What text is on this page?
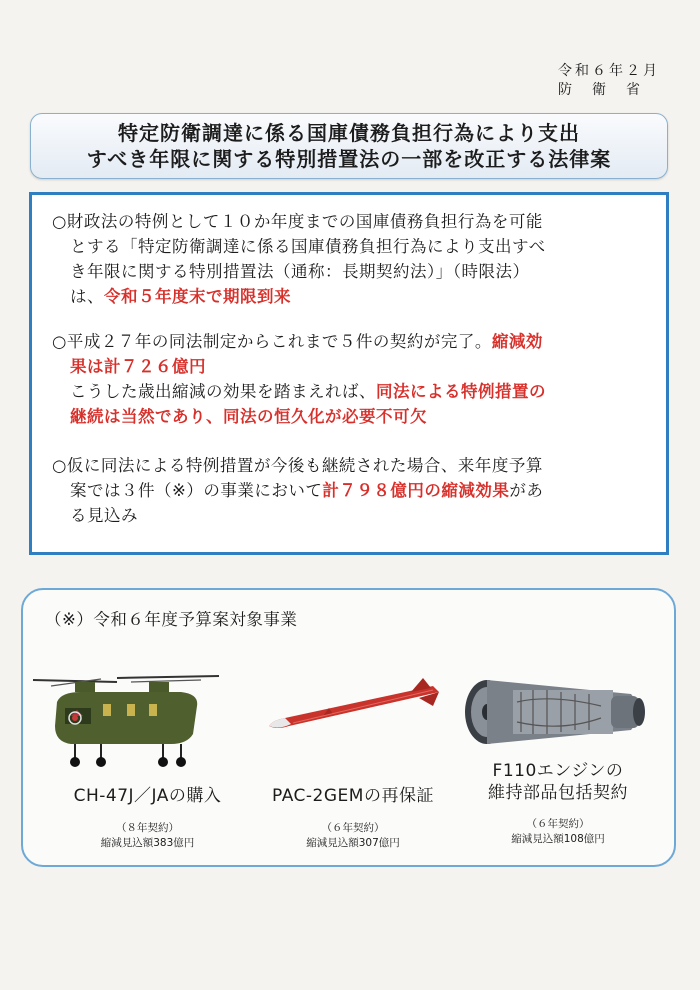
令和６年２月
防　衛　省
特定防衛調達に係る国庫債務負担行為により支出
すべき年限に関する特別措置法の一部を改正する法律案
○財政法の特例として１０か年度までの国庫債務負担行為を可能
とする「特定防衛調達に係る国庫債務負担行為により支出すべ
き年限に関する特別措置法（通称：長期契約法）」（時限法）
は、令和５年度末で期限到来
○平成２７年の同法制定からこれまで５件の契約が完了。縮減効
果は計７２６億円
こうした歳出縮減の効果を踏まえれば、同法による特例措置の
継続は当然であり、同法の恒久化が必要不可欠
○仮に同法による特例措置が今後も継続された場合、来年度予算
案では３件（※）の事業において計７９８億円の縮減効果があ
る見込み
（※）令和６年度予算案対象事業
CH-47J／JAの購入
（８年契約）
縮減見込額383億円
PAC-2GEMの再保証
（６年契約）
縮減見込額307億円
F110エンジンの
維持部品包括契約
（６年契約）
縮減見込額108億円
